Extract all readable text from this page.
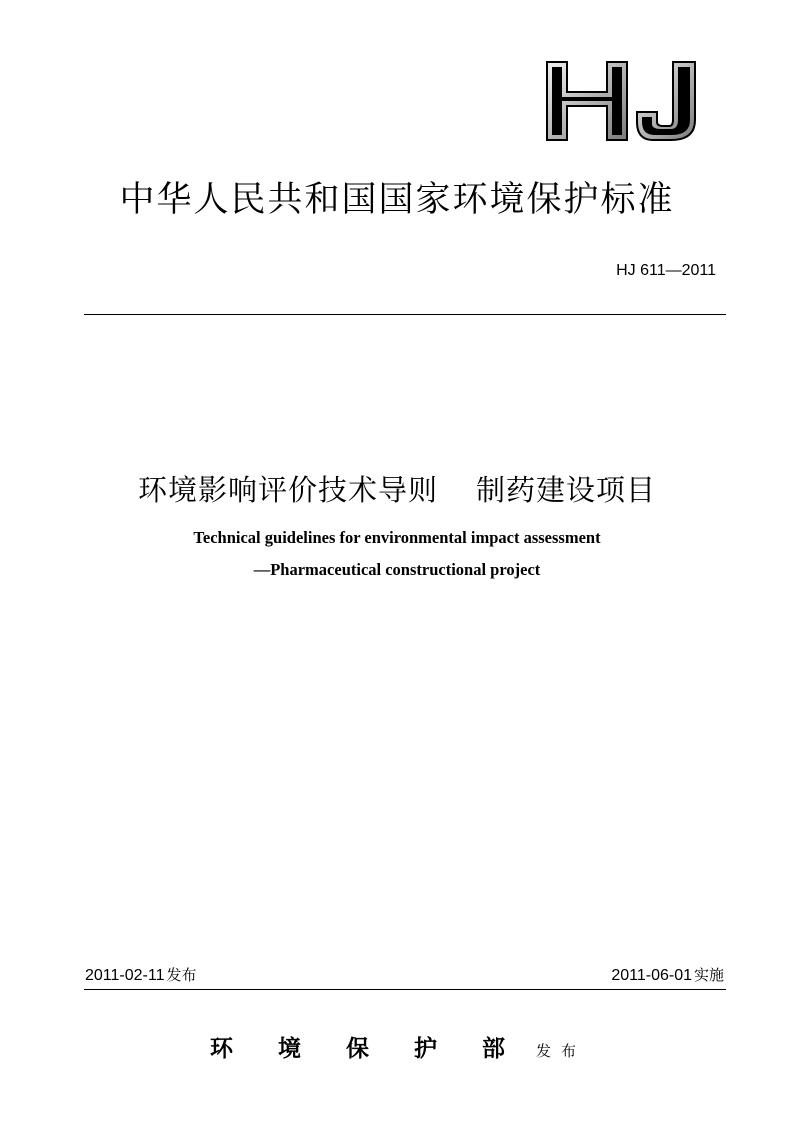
中华人民共和国国家环境保护标准
HJ 611—2011
环境影响评价技术导则 制药建设项目
Technical guidelines for environmental impact assessment
—Pharmaceutical constructional project
2011-02-11 发布	2011-06-01 实施
环境保护部发布
